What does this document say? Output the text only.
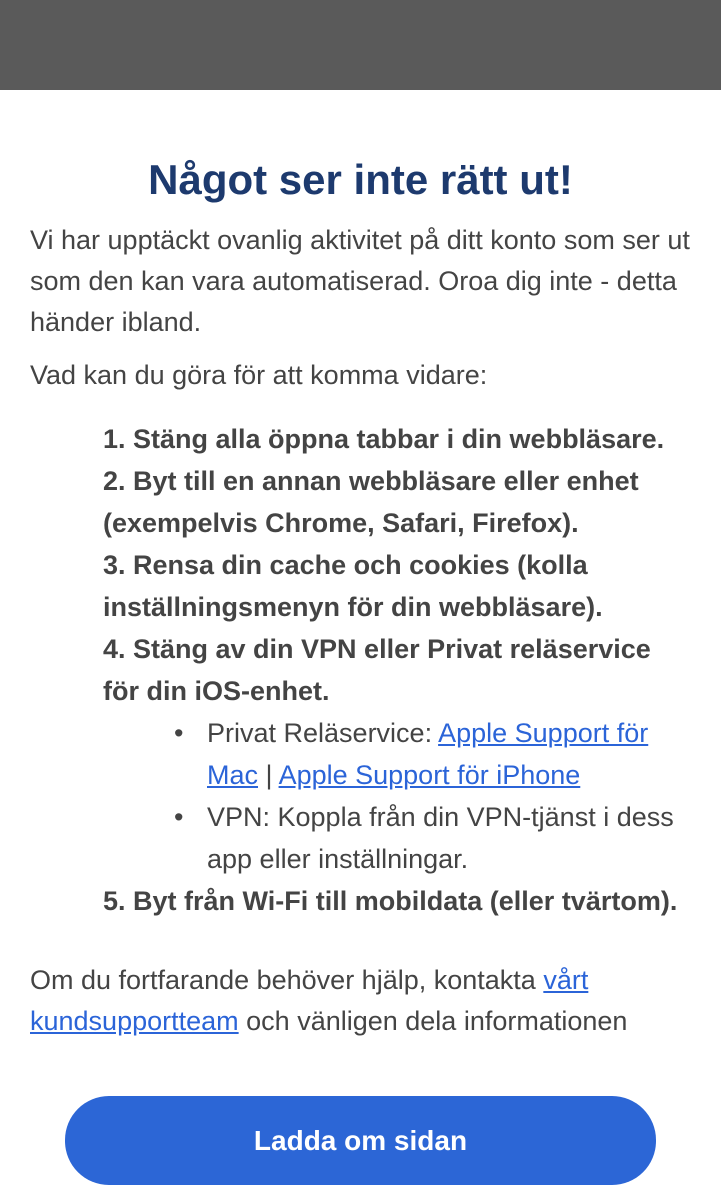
Något ser inte rätt ut!

Vi har upptäckt ovanlig aktivitet på ditt konto som ser ut som den kan vara automatiserad. Oroa dig inte - detta händer ibland.

Vad kan du göra för att komma vidare:

1. Stäng alla öppna tabbar i din webbläsare.
2. Byt till en annan webbläsare eller enhet (exempelvis Chrome, Safari, Firefox).
3. Rensa din cache och cookies (kolla inställningsmenyn för din webbläsare).
4. Stäng av din VPN eller Privat reläservice för din iOS-enhet.
• Privat Reläservice: Apple Support för Mac | Apple Support för iPhone
• VPN: Koppla från din VPN-tjänst i dess app eller inställningar.
5. Byt från Wi-Fi till mobildata (eller tvärtom).

Om du fortfarande behöver hjälp, kontakta vårt kundsupportteam och vänligen dela informationen

Ladda om sidan
